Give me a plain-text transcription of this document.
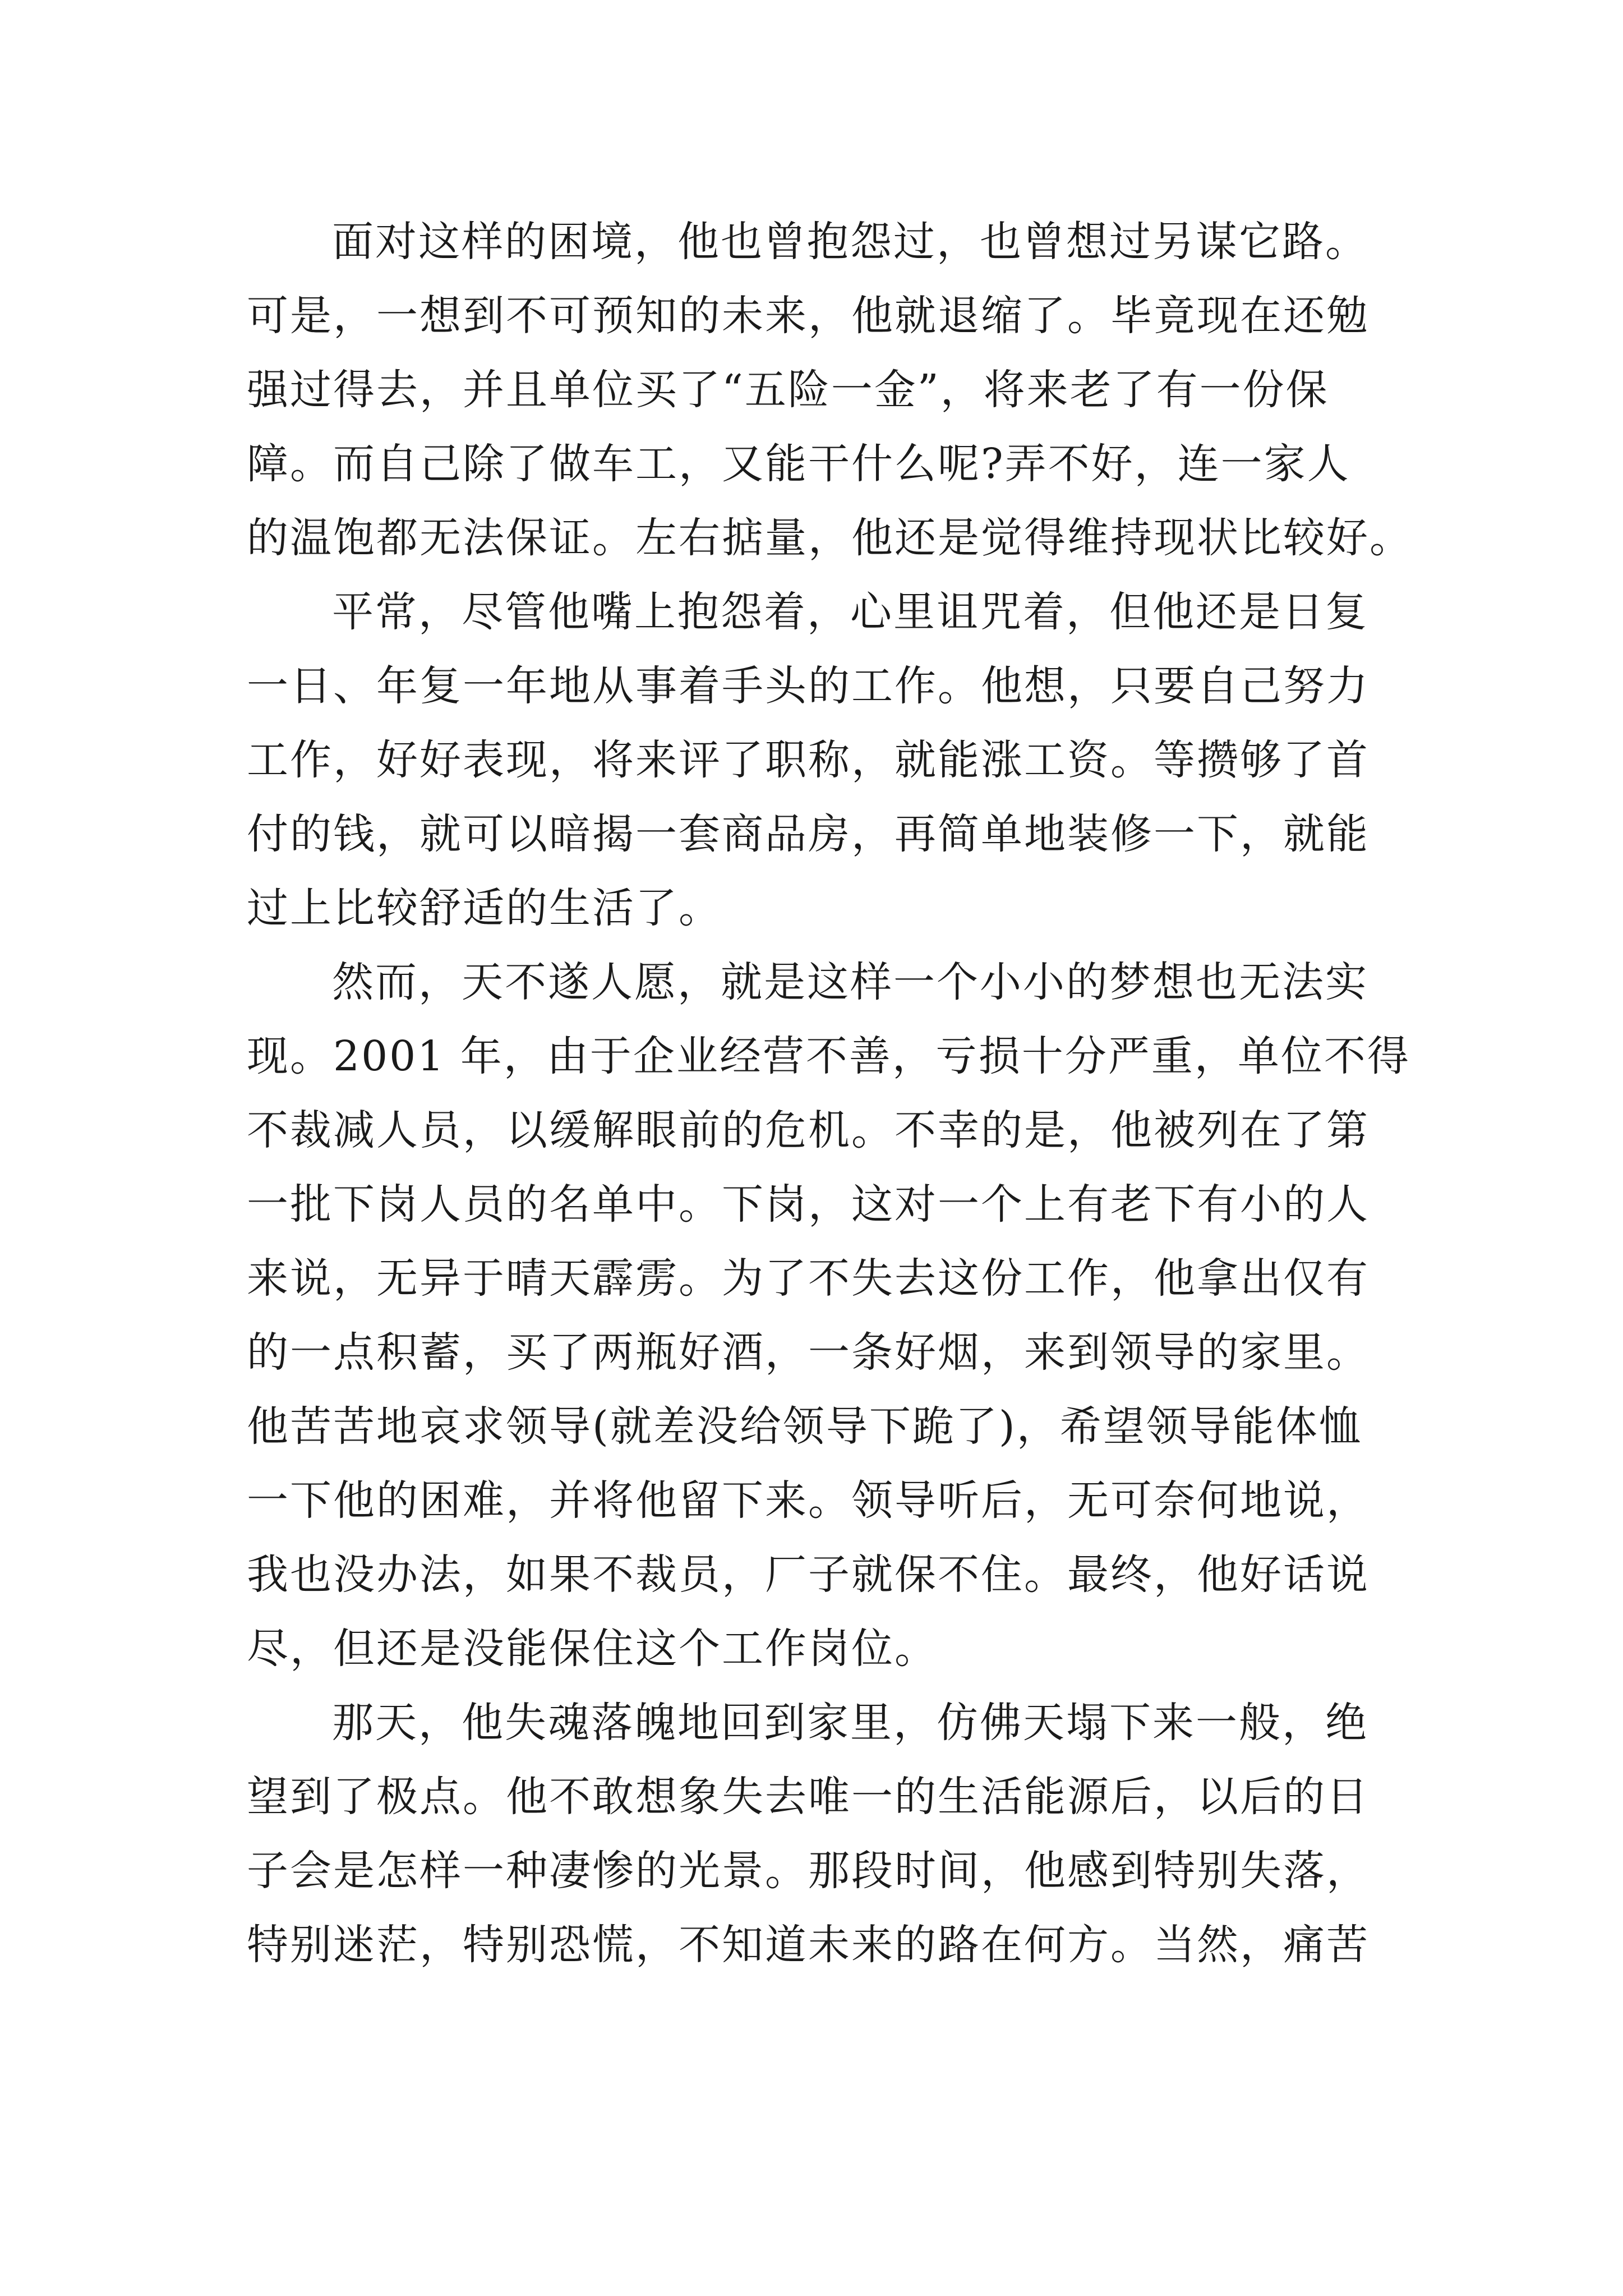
面对这样的困境，他也曾抱怨过，也曾想过另谋它路。
可是，一想到不可预知的未来，他就退缩了。毕竟现在还勉
强过得去，并且单位买了“五险一金”，将来老了有一份保
障。而自己除了做车工，又能干什么呢?弄不好，连一家人
的温饱都无法保证。左右掂量，他还是觉得维持现状比较好。
平常，尽管他嘴上抱怨着，心里诅咒着，但他还是日复
一日、年复一年地从事着手头的工作。他想，只要自己努力
工作，好好表现，将来评了职称，就能涨工资。等攒够了首
付的钱，就可以暗揭一套商品房，再简单地装修一下，就能
过上比较舒适的生活了。
然而，天不遂人愿，就是这样一个小小的梦想也无法实
现。2001 年，由于企业经营不善，亏损十分严重，单位不得
不裁减人员，以缓解眼前的危机。不幸的是，他被列在了第
一批下岗人员的名单中。下岗，这对一个上有老下有小的人
来说，无异于晴天霹雳。为了不失去这份工作，他拿出仅有
的一点积蓄，买了两瓶好酒，一条好烟，来到领导的家里。
他苦苦地哀求领导(就差没给领导下跪了)，希望领导能体恤
一下他的困难，并将他留下来。领导听后，无可奈何地说，
我也没办法，如果不裁员，厂子就保不住。最终，他好话说
尽，但还是没能保住这个工作岗位。
那天，他失魂落魄地回到家里，仿佛天塌下来一般，绝
望到了极点。他不敢想象失去唯一的生活能源后，以后的日
子会是怎样一种凄惨的光景。那段时间，他感到特别失落，
特别迷茫，特别恐慌，不知道未来的路在何方。当然，痛苦
